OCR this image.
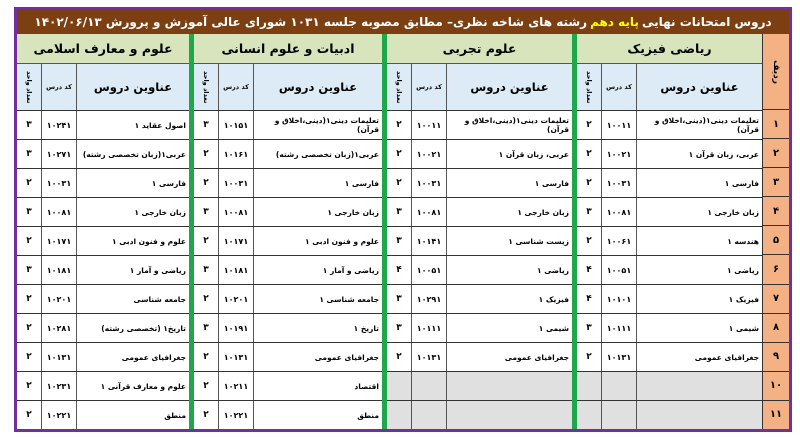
دروس امتحانات نهایی
پایه دهم
رشته های شاخه نظری– مطابق مصوبه جلسه ۱۰۳۱ شورای عالی آموزش و پرورش ۱۴۰۲/۰۶/۱۳
ردیف
۱
۲
۳
۴
۵
۶
۷
۸
۹
۱۰
۱۱
ریاضی فیزیک
عناوین دروس
کد درس
تعداد واحد
تعلیمات دینی۱(دینی،اخلاق و قرآن)
۱۰۰۱۱
۲
عربی، زبان قرآن ۱
۱۰۰۲۱
۲
فارسی ۱
۱۰۰۳۱
۲
زبان خارجی ۱
۱۰۰۸۱
۳
هندسه ۱
۱۰۰۶۱
۲
ریاضی ۱
۱۰۰۵۱
۴
فیزیک ۱
۱۰۱۰۱
۴
شیمی ۱
۱۰۱۱۱
۳
جغرافیای عمومی
۱۰۱۳۱
۲
علوم تجربی
عناوین دروس
کد درس
تعداد واحد
تعلیمات دینی۱(دینی،اخلاق و قرآن)
۱۰۰۱۱
۲
عربی، زبان قرآن ۱
۱۰۰۲۱
۲
فارسی ۱
۱۰۰۳۱
۲
زبان خارجی ۱
۱۰۰۸۱
۳
زیست شناسی ۱
۱۰۱۴۱
۳
ریاضی ۱
۱۰۰۵۱
۴
فیزیک ۱
۱۰۲۹۱
۳
شیمی ۱
۱۰۱۱۱
۳
جغرافیای عمومی
۱۰۱۳۱
۲
ادبیات و علوم انسانی
عناوین دروس
کد درس
تعداد واحد
تعلیمات دینی۱(دینی،اخلاق و قرآن)
۱۰۱۵۱
۳
عربی۱(زبان تخصصی رشته)
۱۰۱۶۱
۲
فارسی ۱
۱۰۰۳۱
۲
زبان خارجی ۱
۱۰۰۸۱
۳
علوم و فنون ادبی ۱
۱۰۱۷۱
۲
ریاضی و آمار ۱
۱۰۱۸۱
۳
جامعه شناسی ۱
۱۰۲۰۱
۲
تاریخ ۱
۱۰۱۹۱
۳
جغرافیای عمومی
۱۰۱۳۱
۲
اقتصاد
۱۰۲۱۱
۲
منطق
۱۰۲۲۱
۲
علوم و معارف اسلامی
عناوین دروس
کد درس
تعداد واحد
اصول عقاید ۱
۱۰۲۴۱
۳
عربی۱(زبان تخصصی رشته)
۱۰۲۷۱
۳
فارسی ۱
۱۰۰۳۱
۲
زبان خارجی ۱
۱۰۰۸۱
۳
علوم و فنون ادبی ۱
۱۰۱۷۱
۲
ریاضی و آمار ۱
۱۰۱۸۱
۳
جامعه شناسی
۱۰۲۰۱
۲
تاریخ۱ (تخصصی رشته)
۱۰۲۸۱
۲
جغرافیای عمومی
۱۰۱۳۱
۲
علوم و معارف قرآنی ۱
۱۰۲۳۱
۲
منطق
۱۰۲۲۱
۲
